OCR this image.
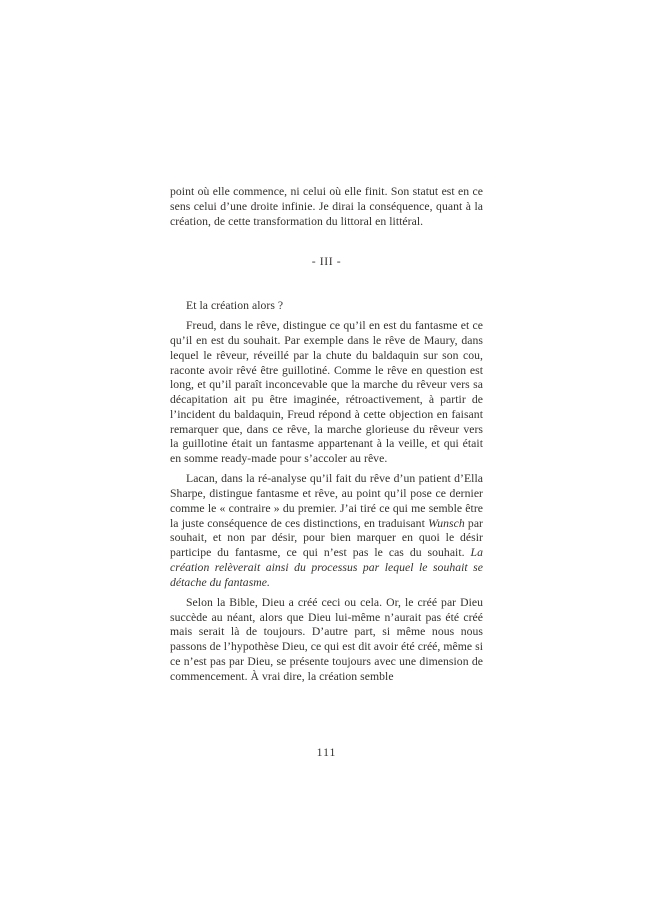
point où elle commence, ni celui où elle finit. Son statut est en ce sens celui d’une droite infinie. Je dirai la conséquence, quant à la création, de cette transformation du littoral en littéral.

- III -

Et la création alors ?

Freud, dans le rêve, distingue ce qu’il en est du fantasme et ce qu’il en est du souhait. Par exemple dans le rêve de Maury, dans lequel le rêveur, réveillé par la chute du baldaquin sur son cou, raconte avoir rêvé être guillotiné. Comme le rêve en question est long, et qu’il paraît inconcevable que la marche du rêveur vers sa décapitation ait pu être imaginée, rétroactivement, à partir de l’incident du baldaquin, Freud répond à cette objection en faisant remarquer que, dans ce rêve, la marche glorieuse du rêveur vers la guillotine était un fantasme appartenant à la veille, et qui était en somme ready-made pour s’accoler au rêve.

Lacan, dans la ré-analyse qu’il fait du rêve d’un patient d’Ella Sharpe, distingue fantasme et rêve, au point qu’il pose ce dernier comme le « contraire » du premier. J’ai tiré ce qui me semble être la juste conséquence de ces distinctions, en traduisant Wunsch par souhait, et non par désir, pour bien marquer en quoi le désir participe du fantasme, ce qui n’est pas le cas du souhait. La création relèverait ainsi du processus par lequel le souhait se détache du fantasme.

Selon la Bible, Dieu a créé ceci ou cela. Or, le créé par Dieu succède au néant, alors que Dieu lui-même n’aurait pas été créé mais serait là de toujours. D’autre part, si même nous nous passons de l’hypothèse Dieu, ce qui est dit avoir été créé, même si ce n’est pas par Dieu, se présente toujours avec une dimension de commencement. À vrai dire, la création semble

111
